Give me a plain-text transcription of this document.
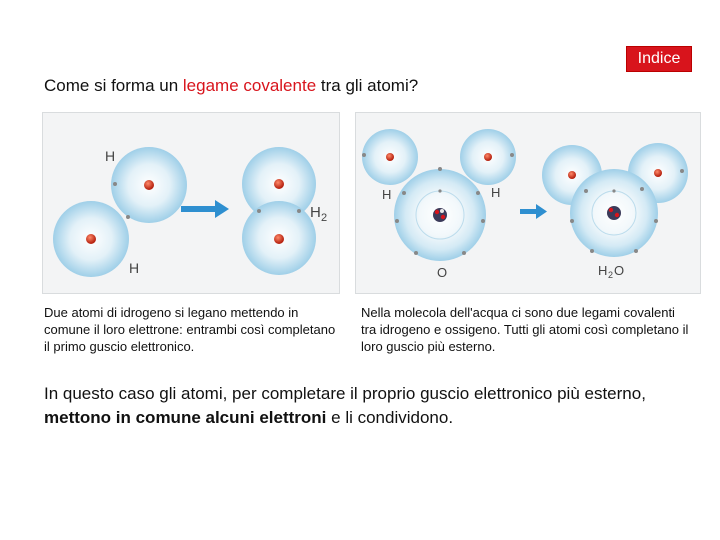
Indice
Come si forma un legame covalente tra gli atomi?
H
H
H 2
H	H
O	H 2 O
Due atomi di idrogeno si legano mettendo in comune il loro elettrone: entrambi così completano il primo guscio elettronico.
Nella molecola dell'acqua ci sono due legami covalenti tra idrogeno e ossigeno. Tutti gli atomi così completano il loro guscio più esterno.
In questo caso gli atomi, per completare il proprio guscio elettronico più esterno, mettono in comune alcuni elettroni e li condividono.
